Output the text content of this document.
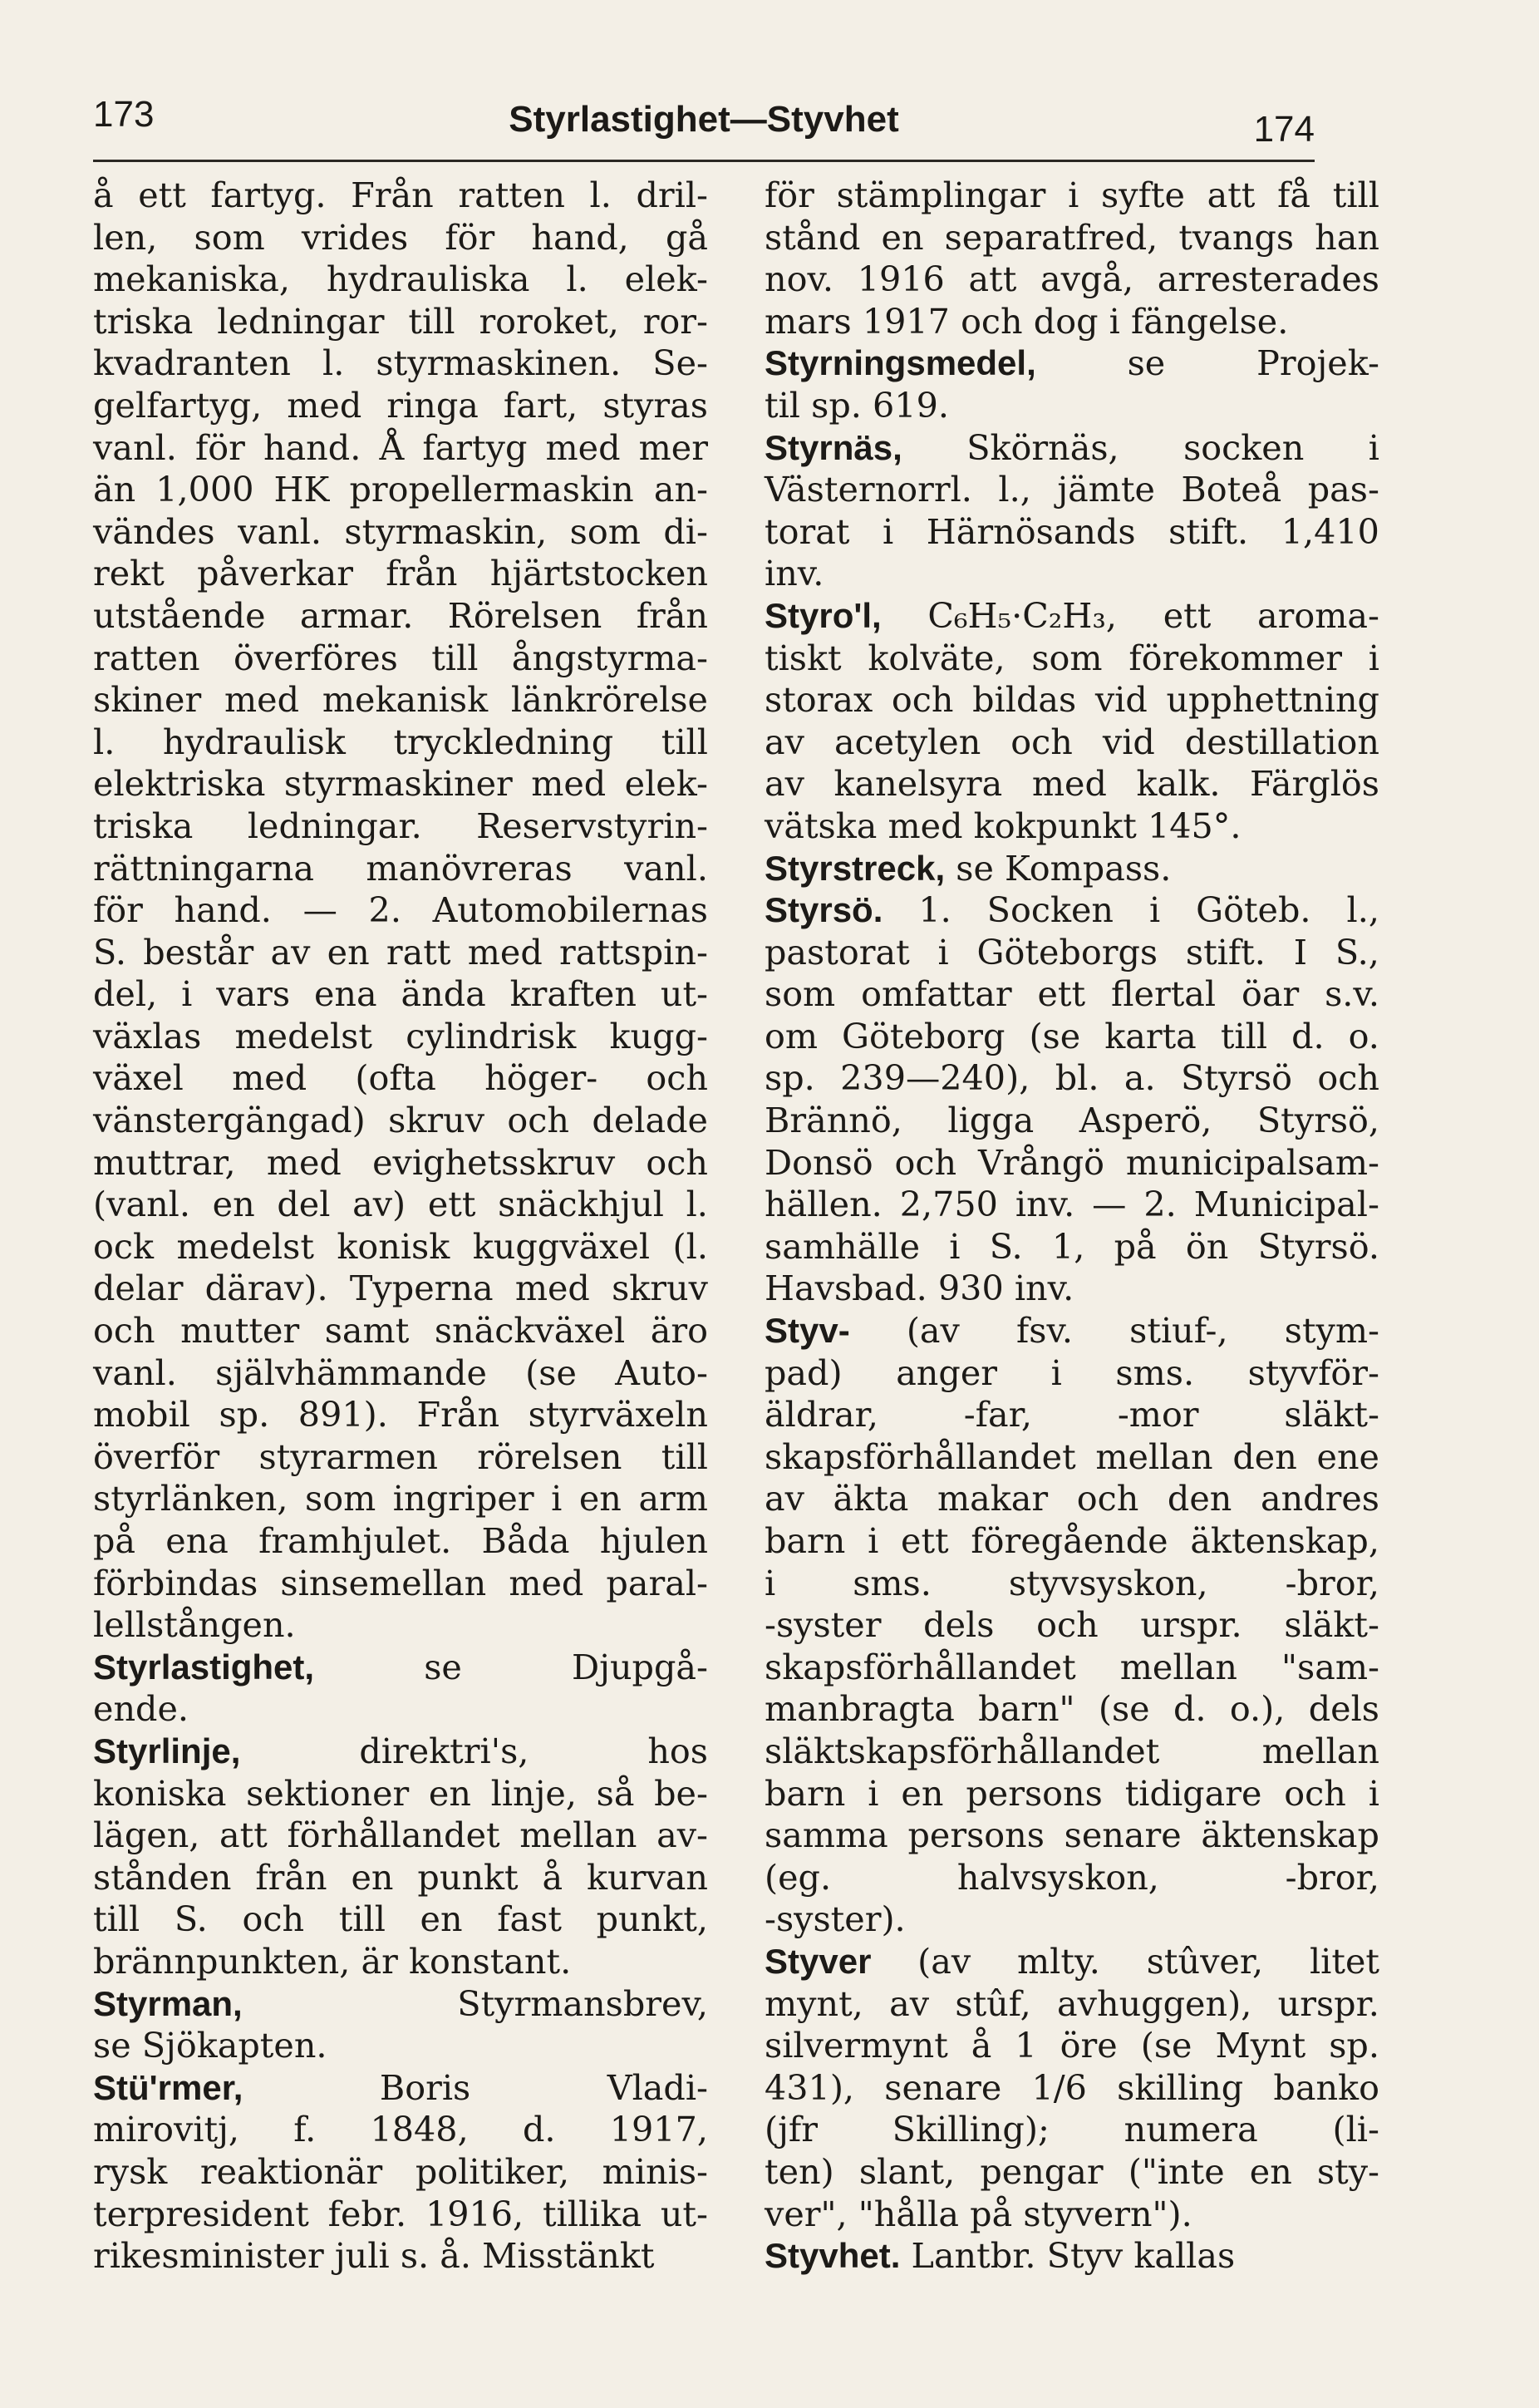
173	Styrlastighet—Styvhet	174
å ett fartyg. Från ratten l. dril-
len, som vrides för hand, gå
mekaniska, hydrauliska l. elek-
triska ledningar till roroket, ror-
kvadranten l. styrmaskinen. Se-
gelfartyg, med ringa fart, styras
vanl. för hand. Å fartyg med mer
än 1,000 HK propellermaskin an-
vändes vanl. styrmaskin, som di-
rekt påverkar från hjärtstocken
utstående armar. Rörelsen från
ratten överföres till ångstyrma-
skiner med mekanisk länkrörelse
l. hydraulisk tryckledning till
elektriska styrmaskiner med elek-
triska ledningar. Reservstyrin-
rättningarna manövreras vanl.
för hand. — 2. Automobilernas
S. består av en ratt med rattspin-
del, i vars ena ända kraften ut-
växlas medelst cylindrisk kugg-
växel med (ofta höger- och
vänstergängad) skruv och delade
muttrar, med evighetsskruv och
(vanl. en del av) ett snäckhjul l.
ock medelst konisk kuggväxel (l.
delar därav). Typerna med skruv
och mutter samt snäckväxel äro
vanl. självhämmande (se Auto-
mobil sp. 891). Från styrväxeln
överför styrarmen rörelsen till
styrlänken, som ingriper i en arm
på ena framhjulet. Båda hjulen
förbindas sinsemellan med paral-
lellstången.
Styrlastighet,	se	Djupgå-
ende.
Styrlinje,	direktri's,	hos
koniska sektioner en linje, så be-
lägen, att förhållandet mellan av-
stånden från en punkt å kurvan
till S. och till en fast punkt,
brännpunkten, är konstant.
Styrman,	Styrmansbrev,
se Sjökapten.
Stü'rmer,	Boris	Vladi-
mirovitj, f. 1848, d. 1917,
rysk reaktionär politiker, minis-
terpresident febr. 1916, tillika ut-
rikesminister juli s. å. Misstänkt
för stämplingar i syfte att få till
stånd en separatfred, tvangs han
nov. 1916 att avgå, arresterades
mars 1917 och dog i fängelse.
Styrningsmedel,	se	Projek-
til sp. 619.
Styrnäs, Skörnäs, socken i
Västernorrl. l., jämte Boteå pas-
torat i Härnösands stift. 1,410
inv.
Styro'l, C₆H₅·C₂H₃, ett aroma-
tiskt kolväte, som förekommer i
storax och bildas vid upphettning
av acetylen och vid destillation
av kanelsyra med kalk. Färglös
vätska med kokpunkt 145°.
Styrstreck, se Kompass.
Styrsö. 1. Socken i Göteb. l.,
pastorat i Göteborgs stift. I S.,
som omfattar ett flertal öar s.v.
om Göteborg (se karta till d. o.
sp. 239—240), bl. a. Styrsö och
Brännö, ligga Asperö, Styrsö,
Donsö och Vrångö municipalsam-
hällen. 2,750 inv. — 2. Municipal-
samhälle i S. 1, på ön Styrsö.
Havsbad. 930 inv.
Styv- (av fsv. stiuf-, stym-
pad) anger i sms. styvför-
äldrar, -far, -mor släkt-
skapsförhållandet mellan den ene
av äkta makar och den andres
barn i ett föregående äktenskap,
i sms. styvsyskon, -bror,
-syster dels och urspr. släkt-
skapsförhållandet mellan "sam-
manbragta barn" (se d. o.), dels
släktskapsförhållandet	mellan
barn i en persons tidigare och i
samma persons senare äktenskap
(eg.	halvsyskon,	-bror,
-syster).
Styver (av mlty. stûver, litet
mynt, av stûf, avhuggen), urspr.
silvermynt å 1 öre (se Mynt sp.
431), senare 1/6 skilling banko
(jfr Skilling); numera (li-
ten) slant, pengar ("inte en sty-
ver", "hålla på styvern").
Styvhet. Lantbr. Styv kallas
